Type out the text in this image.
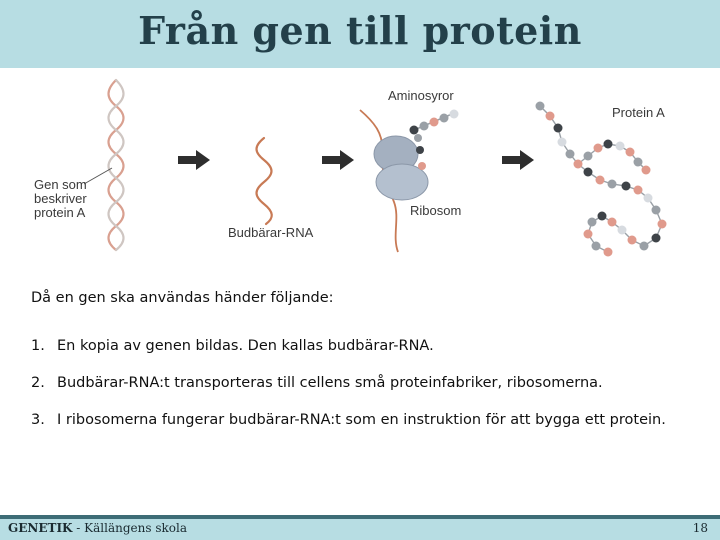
Från gen till protein
Gen som
beskriver
protein A
Budbärar-RNA
Aminosyror
Ribosom
Protein A
Då en gen ska användas händer följande:
1. En kopia av genen bildas. Den kallas budbärar-RNA.
2. Budbärar-RNA:t transporteras till cellens små proteinfabriker, ribosomerna.
3. I ribosomerna fungerar budbärar-RNA:t som en instruktion för att bygga ett protein.
GENETIK - Källängens skola	18
